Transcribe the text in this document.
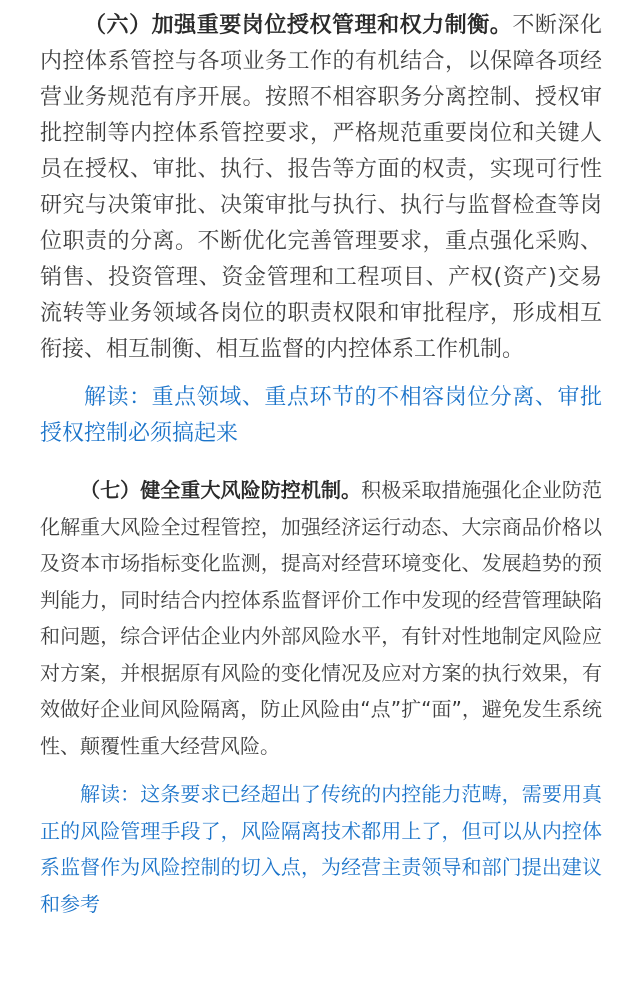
（六）加强重要岗位授权管理和权力制衡。不断深化内控体系管控与各项业务工作的有机结合，以保障各项经营业务规范有序开展。按照不相容职务分离控制、授权审批控制等内控体系管控要求，严格规范重要岗位和关键人员在授权、审批、执行、报告等方面的权责，实现可行性研究与决策审批、决策审批与执行、执行与监督检查等岗位职责的分离。不断优化完善管理要求，重点强化采购、销售、投资管理、资金管理和工程项目、产权(资产)交易流转等业务领域各岗位的职责权限和审批程序，形成相互衔接、相互制衡、相互监督的内控体系工作机制。

解读：重点领域、重点环节的不相容岗位分离、审批授权控制必须搞起来

（七）健全重大风险防控机制。积极采取措施强化企业防范化解重大风险全过程管控，加强经济运行动态、大宗商品价格以及资本市场指标变化监测，提高对经营环境变化、发展趋势的预判能力，同时结合内控体系监督评价工作中发现的经营管理缺陷和问题，综合评估企业内外部风险水平，有针对性地制定风险应对方案，并根据原有风险的变化情况及应对方案的执行效果，有效做好企业间风险隔离，防止风险由“点”扩“面”，避免发生系统性、颠覆性重大经营风险。

解读：这条要求已经超出了传统的内控能力范畴，需要用真正的风险管理手段了，风险隔离技术都用上了，但可以从内控体系监督作为风险控制的切入点，为经营主责领导和部门提出建议和参考
